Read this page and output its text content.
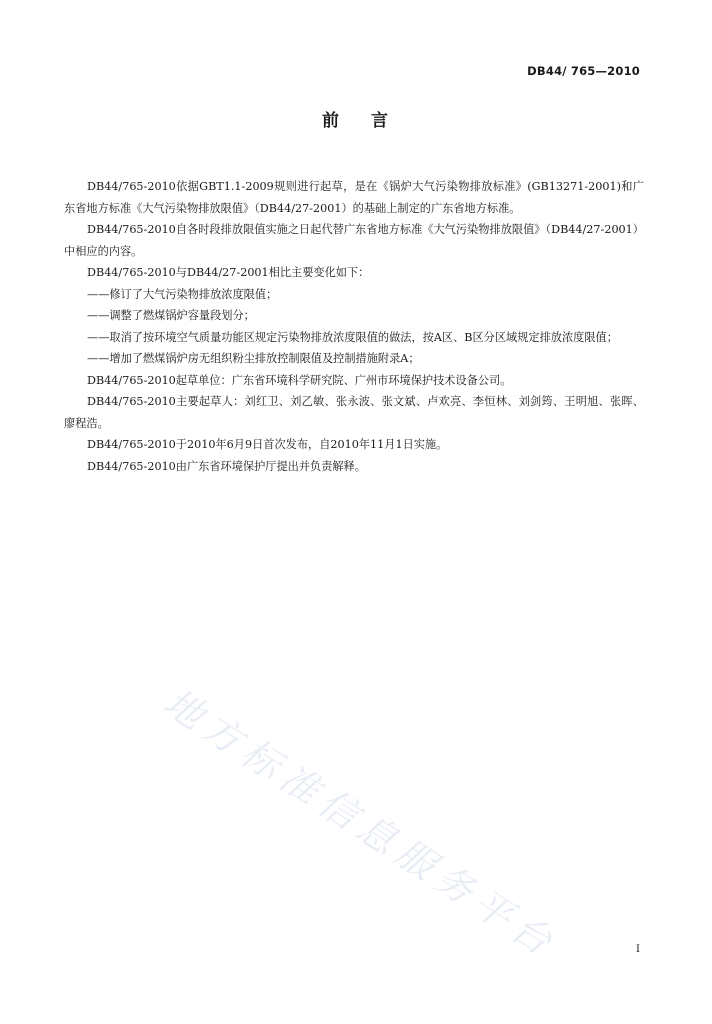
DB44/ 765—2010
前 言

DB44/765-2010依据GBT1.1-2009规则进行起草，是在《锅炉大气污染物排放标准》(GB13271-2001)和广东省地方标准《大气污染物排放限值》（DB44/27-2001）的基础上制定的广东省地方标准。

DB44/765-2010自各时段排放限值实施之日起代替广东省地方标准《大气污染物排放限值》（DB44/27-2001）中相应的内容。

DB44/765-2010与DB44/27-2001相比主要变化如下：

——修订了大气污染物排放浓度限值；

——调整了燃煤锅炉容量段划分；

——取消了按环境空气质量功能区规定污染物排放浓度限值的做法，按A区、B区分区域规定排放浓度限值；

——增加了燃煤锅炉房无组织粉尘排放控制限值及控制措施附录A；

DB44/765-2010起草单位：广东省环境科学研究院、广州市环境保护技术设备公司。

DB44/765-2010主要起草人：刘红卫、刘乙敏、张永波、张文斌、卢欢亮、李恒林、刘剑筠、王明旭、张晖、廖程浩。

DB44/765-2010于2010年6月9日首次发布，自2010年11月1日实施。

DB44/765-2010由广东省环境保护厅提出并负责解释。

地方标准信息服务平台	I
